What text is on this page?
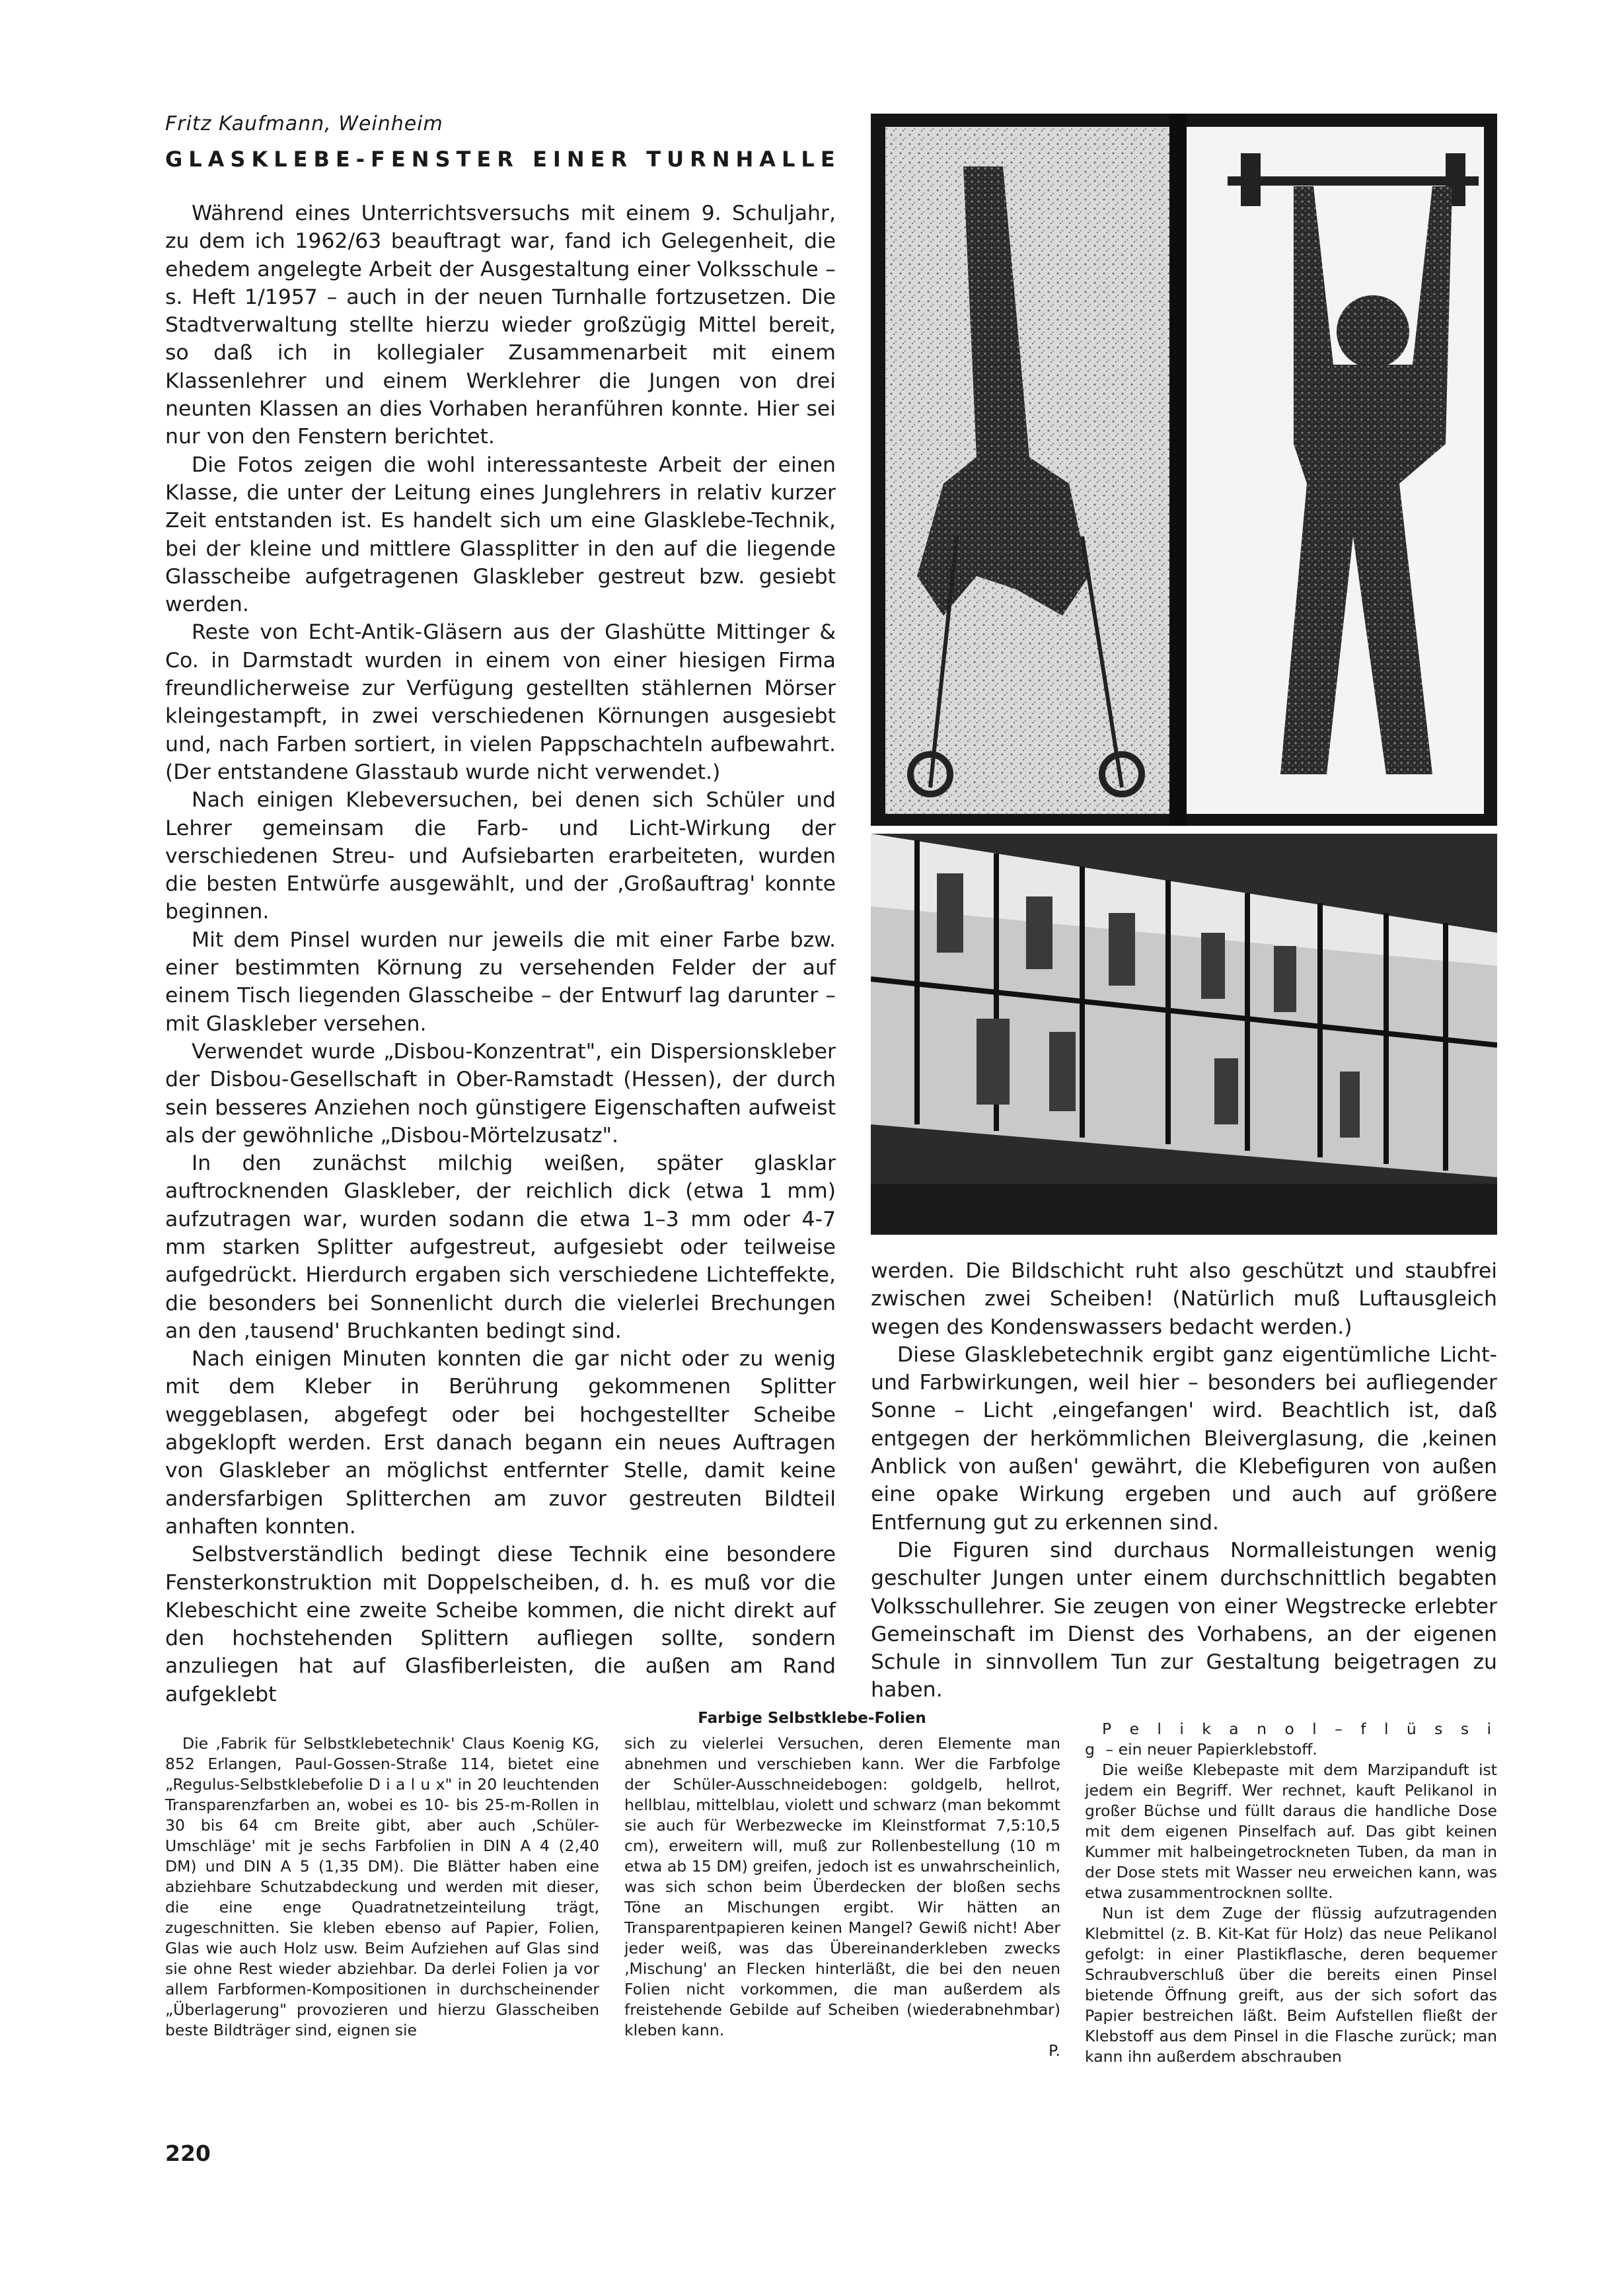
Fritz Kaufmann, Weinheim
GLASKLEBE-FENSTER EINER TURNHALLE

Während eines Unterrichtsversuchs mit einem 9. Schuljahr, zu dem ich 1962/63 beauftragt war, fand ich Gelegenheit, die ehedem angelegte Arbeit der Ausgestaltung einer Volksschule – s. Heft 1/1957 – auch in der neuen Turnhalle fortzusetzen. Die Stadtverwaltung stellte hierzu wieder großzügig Mittel bereit, so daß ich in kollegialer Zusammenarbeit mit einem Klassenlehrer und einem Werklehrer die Jungen von drei neunten Klassen an dies Vorhaben heranführen konnte. Hier sei nur von den Fenstern berichtet.

Die Fotos zeigen die wohl interessanteste Arbeit der einen Klasse, die unter der Leitung eines Junglehrers in relativ kurzer Zeit entstanden ist. Es handelt sich um eine Glasklebe-Technik, bei der kleine und mittlere Glassplitter in den auf die liegende Glasscheibe aufgetragenen Glaskleber gestreut bzw. gesiebt werden.

Reste von Echt-Antik-Gläsern aus der Glashütte Mittinger & Co. in Darmstadt wurden in einem von einer hiesigen Firma freundlicherweise zur Verfügung gestellten stählernen Mörser kleingestampft, in zwei verschiedenen Körnungen ausgesiebt und, nach Farben sortiert, in vielen Pappschachteln aufbewahrt. (Der entstandene Glasstaub wurde nicht verwendet.)

Nach einigen Klebeversuchen, bei denen sich Schüler und Lehrer gemeinsam die Farb- und Licht-Wirkung der verschiedenen Streu- und Aufsiebarten erarbeiteten, wurden die besten Entwürfe ausgewählt, und der ‚Großauftrag' konnte beginnen.

Mit dem Pinsel wurden nur jeweils die mit einer Farbe bzw. einer bestimmten Körnung zu versehenden Felder der auf einem Tisch liegenden Glasscheibe – der Entwurf lag darunter – mit Glaskleber versehen.

Verwendet wurde „Disbou-Konzentrat", ein Dispersionskleber der Disbou-Gesellschaft in Ober-Ramstadt (Hessen), der durch sein besseres Anziehen noch günstigere Eigenschaften aufweist als der gewöhnliche „Disbou-Mörtelzusatz".

In den zunächst milchig weißen, später glasklar auftrocknenden Glaskleber, der reichlich dick (etwa 1 mm) aufzutragen war, wurden sodann die etwa 1–3 mm oder 4-7 mm starken Splitter aufgestreut, aufgesiebt oder teilweise aufgedrückt. Hierdurch ergaben sich verschiedene Lichteffekte, die besonders bei Sonnenlicht durch die vielerlei Brechungen an den ‚tausend' Bruchkanten bedingt sind.

Nach einigen Minuten konnten die gar nicht oder zu wenig mit dem Kleber in Berührung gekommenen Splitter weggeblasen, abgefegt oder bei hochgestellter Scheibe abgeklopft werden. Erst danach begann ein neues Auftragen von Glaskleber an möglichst entfernter Stelle, damit keine andersfarbigen Splitterchen am zuvor gestreuten Bildteil anhaften konnten.

Selbstverständlich bedingt diese Technik eine besondere Fensterkonstruktion mit Doppelscheiben, d. h. es muß vor die Klebeschicht eine zweite Scheibe kommen, die nicht direkt auf den hochstehenden Splittern aufliegen sollte, sondern anzuliegen hat auf Glasfiberleisten, die außen am Rand aufgeklebt

werden. Die Bildschicht ruht also geschützt und staubfrei zwischen zwei Scheiben! (Natürlich muß Luftausgleich wegen des Kondenswassers bedacht werden.)

Diese Glasklebetechnik ergibt ganz eigentümliche Licht- und Farbwirkungen, weil hier – besonders bei aufliegender Sonne – Licht ‚eingefangen' wird. Beachtlich ist, daß entgegen der herkömmlichen Bleiverglasung, die ‚keinen Anblick von außen' gewährt, die Klebefiguren von außen eine opake Wirkung ergeben und auch auf größere Entfernung gut zu erkennen sind.

Die Figuren sind durchaus Normalleistungen wenig geschulter Jungen unter einem durchschnittlich begabten Volksschullehrer. Sie zeugen von einer Wegstrecke erlebter Gemeinschaft im Dienst des Vorhabens, an der eigenen Schule in sinnvollem Tun zur Gestaltung beigetragen zu haben.

Farbige Selbstklebe-Folien

Die ‚Fabrik für Selbstklebetechnik' Claus Koenig KG, 852 Erlangen, Paul-Gossen-Straße 114, bietet eine „Regulus-Selbstklebefolie D i a l u x" in 20 leuchtenden Transparenzfarben an, wobei es 10- bis 25-m-Rollen in 30 bis 64 cm Breite gibt, aber auch ‚Schüler-Umschläge' mit je sechs Farbfolien in DIN A 4 (2,40 DM) und DIN A 5 (1,35 DM). Die Blätter haben eine abziehbare Schutzabdeckung und werden mit dieser, die eine enge Quadratnetzeinteilung trägt, zugeschnitten. Sie kleben ebenso auf Papier, Folien, Glas wie auch Holz usw. Beim Aufziehen auf Glas sind sie ohne Rest wieder abziehbar. Da derlei Folien ja vor allem Farbformen-Kompositionen in durchscheinender „Überlagerung" provozieren und hierzu Glasscheiben beste Bildträger sind, eignen sie

sich zu vielerlei Versuchen, deren Elemente man abnehmen und verschieben kann. Wer die Farbfolge der Schüler-Ausschneidebogen: goldgelb, hellrot, hellblau, mittelblau, violett und schwarz (man bekommt sie auch für Werbezwecke im Kleinstformat 7,5:10,5 cm), erweitern will, muß zur Rollenbestellung (10 m etwa ab 15 DM) greifen, jedoch ist es unwahrscheinlich, was sich schon beim Überdecken der bloßen sechs Töne an Mischungen ergibt. Wir hätten an Transparentpapieren keinen Mangel? Gewiß nicht! Aber jeder weiß, was das Übereinanderkleben zwecks ‚Mischung' an Flecken hinterläßt, die bei den neuen Folien nicht vorkommen, die man außerdem als freistehende Gebilde auf Scheiben (wiederabnehmbar) kleben kann.

P.

P e l i k a n o l – f l ü s s i g – ein neuer Papierklebstoff.

Die weiße Klebepaste mit dem Marzipanduft ist jedem ein Begriff. Wer rechnet, kauft Pelikanol in großer Büchse und füllt daraus die handliche Dose mit dem eigenen Pinselfach auf. Das gibt keinen Kummer mit halbeingetrockneten Tuben, da man in der Dose stets mit Wasser neu erweichen kann, was etwa zusammentrocknen sollte.

Nun ist dem Zuge der flüssig aufzutragenden Klebmittel (z. B. Kit-Kat für Holz) das neue Pelikanol gefolgt: in einer Plastikflasche, deren bequemer Schraubverschluß über die bereits einen Pinsel bietende Öffnung greift, aus der sich sofort das Papier bestreichen läßt. Beim Aufstellen fließt der Klebstoff aus dem Pinsel in die Flasche zurück; man kann ihn außerdem abschrauben

220
